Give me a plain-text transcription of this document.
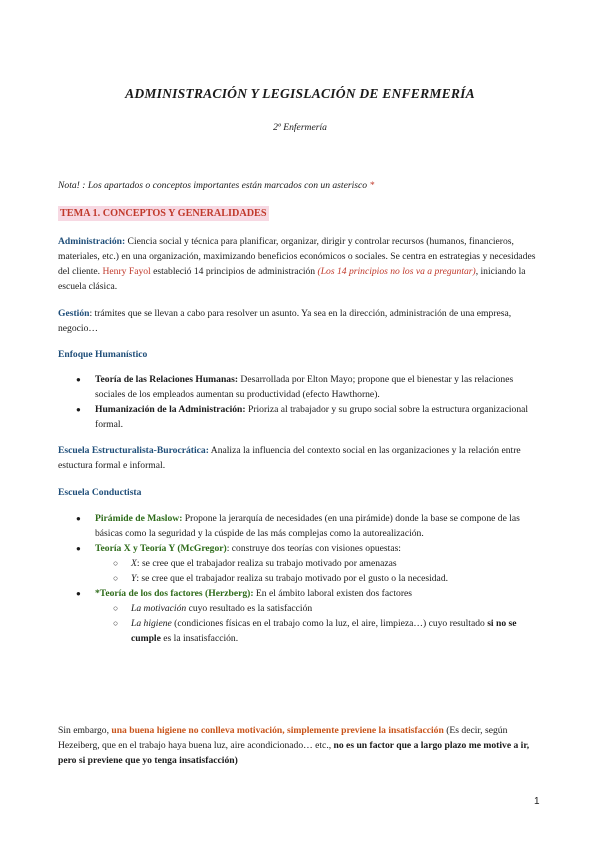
ADMINISTRACIÓN Y LEGISLACIÓN DE ENFERMERÍA
2º Enfermería

Nota! : Los apartados o conceptos importantes están marcados con un asterisco *

TEMA 1. CONCEPTOS Y GENERALIDADES

Administración: Ciencia social y técnica para planificar, organizar, dirigir y controlar recursos (humanos, financieros, materiales, etc.) en una organización, maximizando beneficios económicos o sociales. Se centra en estrategias y necesidades del cliente. Henry Fayol estableció 14 principios de administración (Los 14 principios no los va a preguntar), iniciando la escuela clásica.

Gestión: trámites que se llevan a cabo para resolver un asunto. Ya sea en la dirección, administración de una empresa, negocio…

Enfoque Humanístico

● Teoría de las Relaciones Humanas: Desarrollada por Elton Mayo; propone que el bienestar y las relaciones sociales de los empleados aumentan su productividad (efecto Hawthorne).
● Humanización de la Administración: Prioriza al trabajador y su grupo social sobre la estructura organizacional formal.

Escuela Estructuralista-Burocrática: Analiza la influencia del contexto social en las organizaciones y la relación entre estuctura formal e informal.

Escuela Conductista

● Pirámide de Maslow: Propone la jerarquía de necesidades (en una pirámide) donde la base se compone de las básicas como la seguridad y la cúspide de las más complejas como la autorealización.
● Teoría X y Teoría Y (McGregor): construye dos teorías con visiones opuestas:
○ X: se cree que el trabajador realiza su trabajo motivado por amenazas
○ Y: se cree que el trabajador realiza su trabajo motivado por el gusto o la necesidad.
● *Teoría de los dos factores (Herzberg): En el ámbito laboral existen dos factores
○ La motivación cuyo resultado es la satisfacción
○ La higiene (condiciones físicas en el trabajo como la luz, el aire, limpieza…) cuyo resultado si no se cumple es la insatisfacción.

Sin embargo, una buena higiene no conlleva motivación, simplemente previene la insatisfacción (Es decir, según Hezeiberg, que en el trabajo haya buena luz, aire acondicionado… etc., no es un factor que a largo plazo me motive a ir, pero si previene que yo tenga insatisfacción)

1
